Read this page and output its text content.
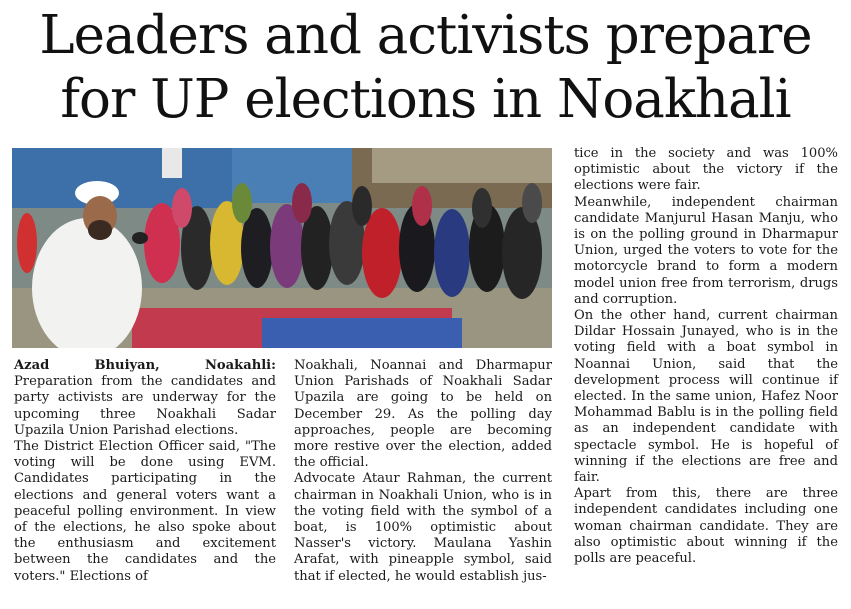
Leaders and activists prepare
for UP elections in Noakhali

Azad Bhuiyan, Noakahli: Preparation from the candidates and party activists are underway for the upcoming three Noakhali Sadar Upazila Union Parishad elections.

The District Election Officer said, "The voting will be done using EVM. Candidates participating in the elections and general voters want a peaceful polling environment. In view of the elections, he also spoke about the enthusiasm and excitement between the candidates and the voters." Elections of

Noakhali, Noannai and Dharmapur Union Parishads of Noakhali Sadar Upazila are going to be held on December 29. As the polling day approaches, people are becoming more restive over the election, added the official.

Advocate Ataur Rahman, the current chairman in Noakhali Union, who is in the voting field with the symbol of a boat, is 100% optimistic about Nasser's victory. Maulana Yashin Arafat, with pineapple symbol, said that if elected, he would establish jus-

tice in the society and was 100% optimistic about the victory if the elections were fair.

Meanwhile, independent chairman candidate Manjurul Hasan Manju, who is on the polling ground in Dharmapur Union, urged the voters to vote for the motorcycle brand to form a modern model union free from terrorism, drugs and corruption.

On the other hand, current chairman Dildar Hossain Junayed, who is in the voting field with a boat symbol in Noannai Union, said that the development process will continue if elected. In the same union, Hafez Noor Mohammad Bablu is in the polling field as an independent candidate with spectacle symbol. He is hopeful of winning if the elections are free and fair.

Apart from this, there are three independent candidates including one woman chairman candidate. They are also optimistic about winning if the polls are peaceful.
